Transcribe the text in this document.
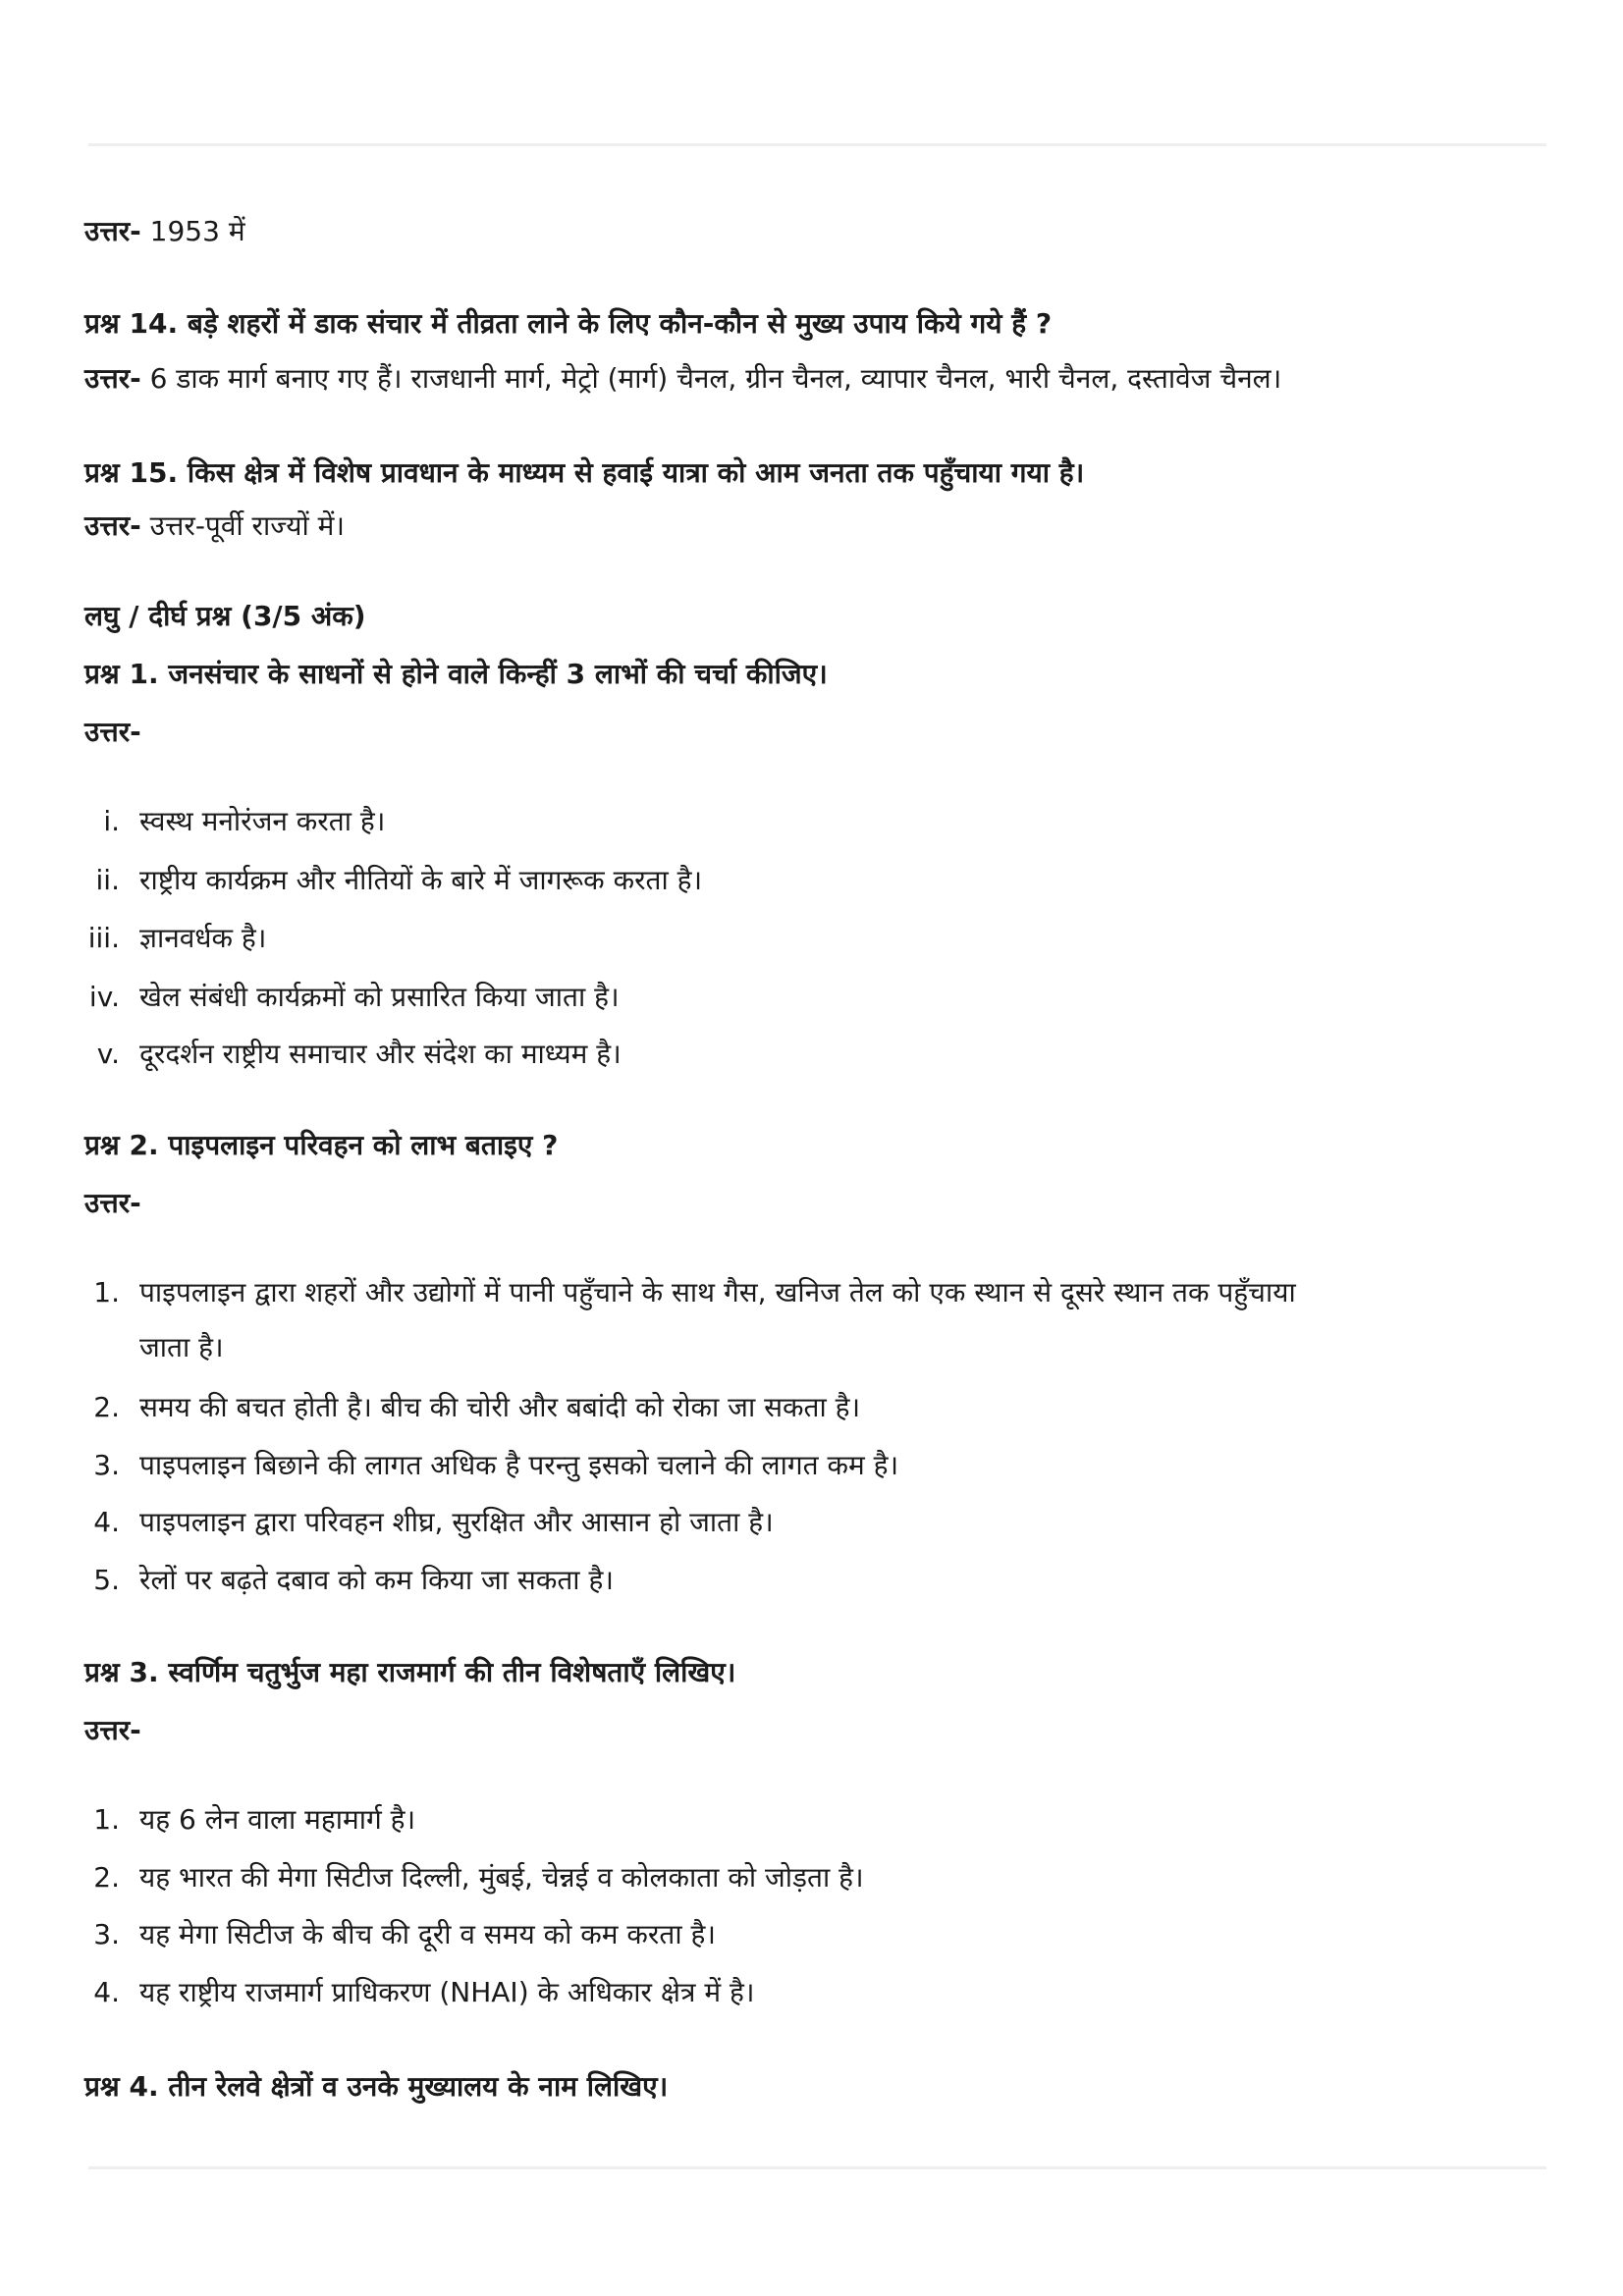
उत्तर- 1953 में
प्रश्न 14. बड़े शहरों में डाक संचार में तीव्रता लाने के लिए कौन-कौन से मुख्य उपाय किये गये हैं ?
उत्तर- 6 डाक मार्ग बनाए गए हैं। राजधानी मार्ग, मेट्रो (मार्ग) चैनल, ग्रीन चैनल, व्यापार चैनल, भारी चैनल, दस्तावेज चैनल।
प्रश्न 15. किस क्षेत्र में विशेष प्रावधान के माध्यम से हवाई यात्रा को आम जनता तक पहुँचाया गया है।
उत्तर- उत्तर-पूर्वी राज्यों में।
लघु / दीर्घ प्रश्न (3/5 अंक)
प्रश्न 1. जनसंचार के साधनों से होने वाले किन्हीं 3 लाभों की चर्चा कीजिए।
उत्तर-
i. स्वस्थ मनोरंजन करता है।
ii. राष्ट्रीय कार्यक्रम और नीतियों के बारे में जागरूक करता है।
iii. ज्ञानवर्धक है।
iv. खेल संबंधी कार्यक्रमों को प्रसारित किया जाता है।
v. दूरदर्शन राष्ट्रीय समाचार और संदेश का माध्यम है।
प्रश्न 2. पाइपलाइन परिवहन को लाभ बताइए ?
उत्तर-
1. पाइपलाइन द्वारा शहरों और उद्योगों में पानी पहुँचाने के साथ गैस, खनिज तेल को एक स्थान से दूसरे स्थान तक पहुँचाया
जाता है।
2. समय की बचत होती है। बीच की चोरी और बबांदी को रोका जा सकता है।
3. पाइपलाइन बिछाने की लागत अधिक है परन्तु इसको चलाने की लागत कम है।
4. पाइपलाइन द्वारा परिवहन शीघ्र, सुरक्षित और आसान हो जाता है।
5. रेलों पर बढ़ते दबाव को कम किया जा सकता है।
प्रश्न 3. स्वर्णिम चतुर्भुज महा राजमार्ग की तीन विशेषताएँ लिखिए।
उत्तर-
1. यह 6 लेन वाला महामार्ग है।
2. यह भारत की मेगा सिटीज दिल्ली, मुंबई, चेन्नई व कोलकाता को जोड़ता है।
3. यह मेगा सिटीज के बीच की दूरी व समय को कम करता है।
4. यह राष्ट्रीय राजमार्ग प्राधिकरण (NHAI) के अधिकार क्षेत्र में है।
प्रश्न 4. तीन रेलवे क्षेत्रों व उनके मुख्यालय के नाम लिखिए।
